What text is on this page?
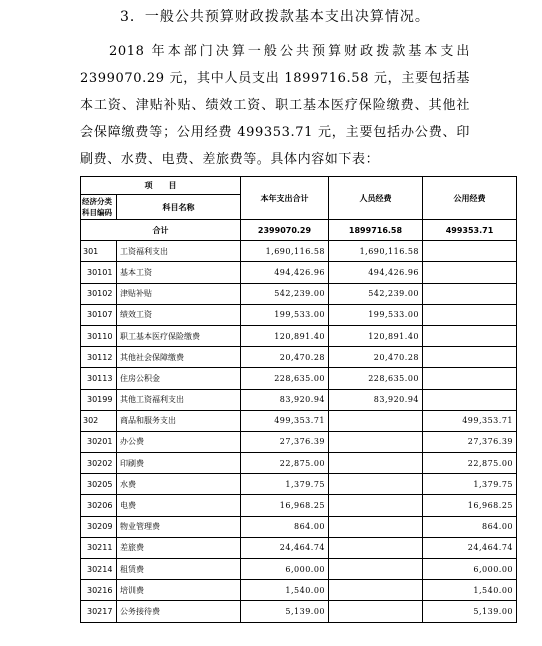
3．一般公共预算财政拨款基本支出决算情况。
2018 年本部门决算一般公共预算财政拨款基本支出 2399070.29 元，其中人员支出 1899716.58 元，主要包括基本工资、津贴补贴、绩效工资、职工基本医疗保险缴费、其他社会保障缴费等；公用经费 499353.71 元，主要包括办公费、印刷费、水费、电费、差旅费等。具体内容如下表：
项　　目		本年支出合计	人员经费	公用经费
经济分类科目编码	科目名称			

合计		2399070.29	1899716.58	499353.71
301	工资福利支出	1,690,116.58	1,690,116.58	
30101	基本工资	494,426.96	494,426.96	
30102	津贴补贴	542,239.00	542,239.00	
30107	绩效工资	199,533.00	199,533.00	
30110	职工基本医疗保险缴费	120,891.40	120,891.40	
30112	其他社会保障缴费	20,470.28	20,470.28	
30113	住房公积金	228,635.00	228,635.00	
30199	其他工资福利支出	83,920.94	83,920.94	
302	商品和服务支出	499,353.71		499,353.71
30201	办公费	27,376.39		27,376.39
30202	印刷费	22,875.00		22,875.00
30205	水费	1,379.75		1,379.75
30206	电费	16,968.25		16,968.25
30209	物业管理费	864.00		864.00
30211	差旅费	24,464.74		24,464.74
30214	租赁费	6,000.00		6,000.00
30216	培训费	1,540.00		1,540.00
30217	公务接待费	5,139.00		5,139.00
